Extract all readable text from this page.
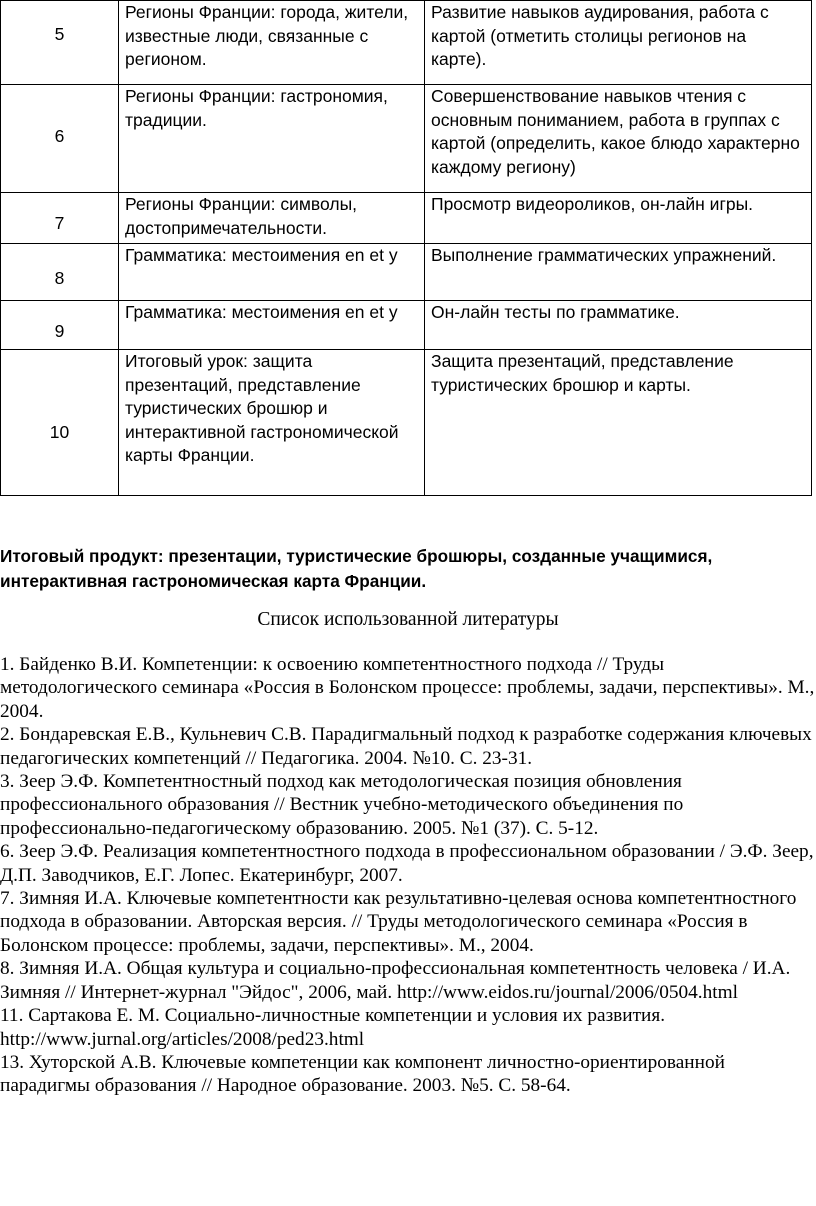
5	Регионы Франции: города, жители, известные люди, связанные с регионом.	Развитие навыков аудирования, работа с картой (отметить столицы регионов на карте).
6	Регионы Франции: гастрономия, традиции.	Совершенствование навыков чтения с основным пониманием, работа в группах с картой (определить, какое блюдо характерно каждому региону)
7	Регионы Франции: символы, достопримечательности.	Просмотр видеороликов, он-лайн игры.
8	Грамматика: местоимения en et y	Выполнение грамматических упражнений.
9	Грамматика: местоимения en et y	Он-лайн тесты по грамматике.
10	Итоговый урок: защита презентаций, представление туристических брошюр и интерактивной гастрономической карты Франции.	Защита презентаций, представление туристических брошюр и карты.
Итоговый продукт: презентации, туристические брошюры, созданные учащимися, интерактивная гастрономическая карта Франции.
Список использованной литературы

1. Байденко В.И. Компетенции: к освоению компетентностного подхода // Труды методологического семинара «Россия в Болонском процессе: проблемы, задачи, перспективы». М., 2004.

2. Бондаревская Е.В., Кульневич С.В. Парадигмальный подход к разработке содержания ключевых педагогических компетенций // Педагогика. 2004. №10. С. 23-31.

3. Зеер Э.Ф. Компетентностный подход как методологическая позиция обновления профессионального образования // Вестник учебно-методического объединения по профессионально-педагогическому образованию. 2005. №1 (37). С. 5-12.

6. Зеер Э.Ф. Реализация компетентностного подхода в профессиональном образовании / Э.Ф. Зеер, Д.П. Заводчиков, Е.Г. Лопес. Екатеринбург, 2007.

7. Зимняя И.А. Ключевые компетентности как результативно-целевая основа компетентностного подхода в образовании. Авторская версия. // Труды методологического семинара «Россия в Болонском процессе: проблемы, задачи, перспективы». М., 2004.

8. Зимняя И.А. Общая культура и социально-профессиональная компетентность человека / И.А. Зимняя // Интернет-журнал "Эйдос", 2006, май. http://www.eidos.ru/journal/2006/0504.html

11. Сартакова Е. М. Социально-личностные компетенции и условия их развития. http://www.jurnal.org/articles/2008/ped23.html

13. Хуторской А.В. Ключевые компетенции как компонент личностно-ориентированной парадигмы образования // Народное образование. 2003. №5. С. 58-64.
